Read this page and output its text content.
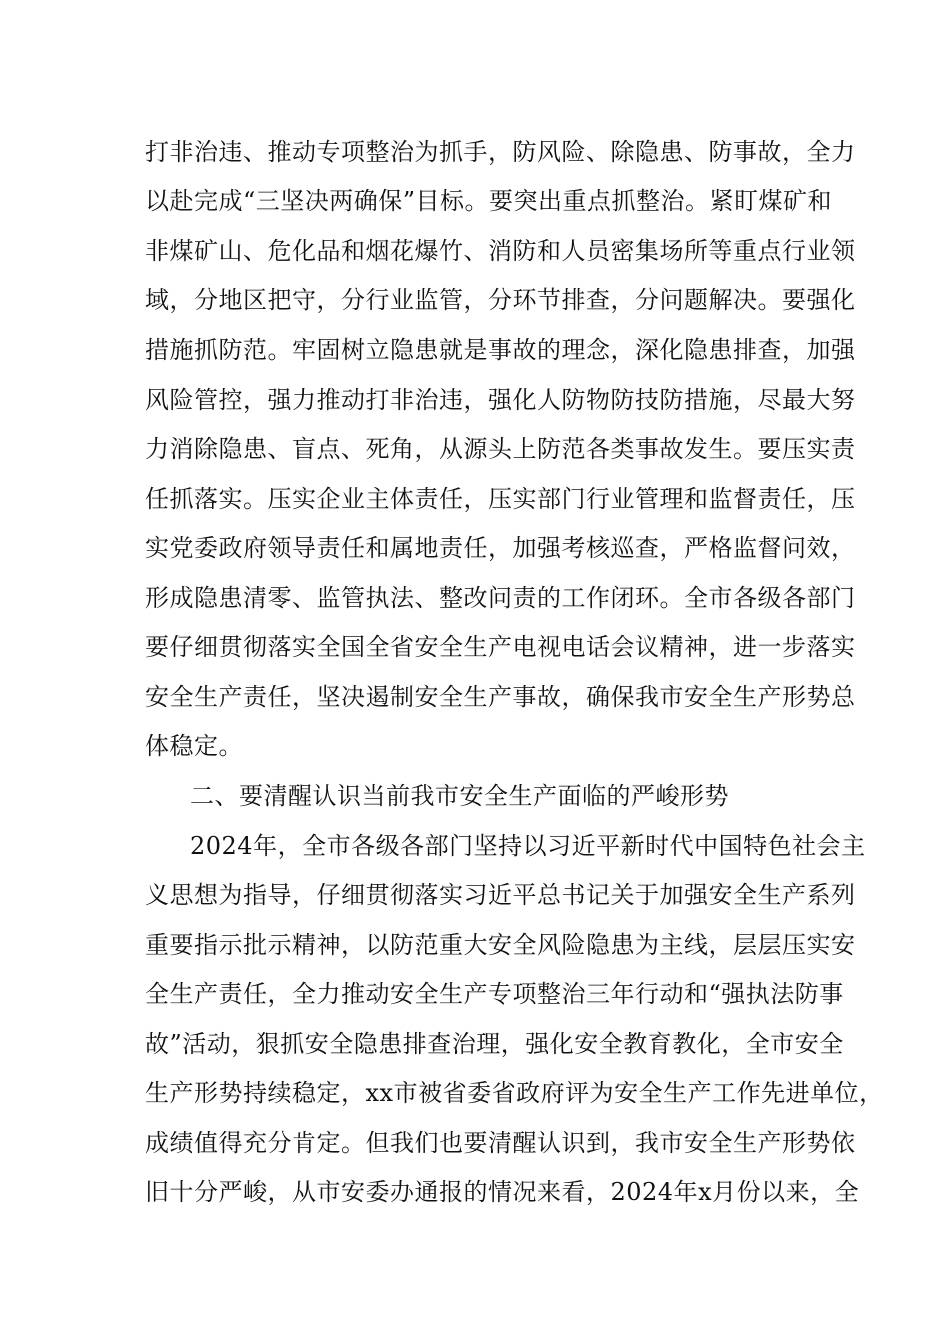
打非治违、推动专项整治为抓手，防风险、除隐患、防事故，全力
以赴完成“三坚决两确保”目标。要突出重点抓整治。紧盯煤矿和
非煤矿山、危化品和烟花爆竹、消防和人员密集场所等重点行业领
域，分地区把守，分行业监管，分环节排查，分问题解决。要强化
措施抓防范。牢固树立隐患就是事故的理念，深化隐患排查，加强
风险管控，强力推动打非治违，强化人防物防技防措施，尽最大努
力消除隐患、盲点、死角，从源头上防范各类事故发生。要压实责
任抓落实。压实企业主体责任，压实部门行业管理和监督责任，压
实党委政府领导责任和属地责任，加强考核巡查，严格监督问效，
形成隐患清零、监管执法、整改问责的工作闭环。全市各级各部门
要仔细贯彻落实全国全省安全生产电视电话会议精神，进一步落实
安全生产责任，坚决遏制安全生产事故，确保我市安全生产形势总
体稳定。
二、要清醒认识当前我市安全生产面临的严峻形势
2024年，全市各级各部门坚持以习近平新时代中国特色社会主
义思想为指导，仔细贯彻落实习近平总书记关于加强安全生产系列
重要指示批示精神，以防范重大安全风险隐患为主线，层层压实安
全生产责任，全力推动安全生产专项整治三年行动和“强执法防事
故”活动，狠抓安全隐患排查治理，强化安全教育教化，全市安全
生产形势持续稳定，xx市被省委省政府评为安全生产工作先进单位，
成绩值得充分肯定。但我们也要清醒认识到，我市安全生产形势依
旧十分严峻，从市安委办通报的情况来看，2024年x月份以来，全
